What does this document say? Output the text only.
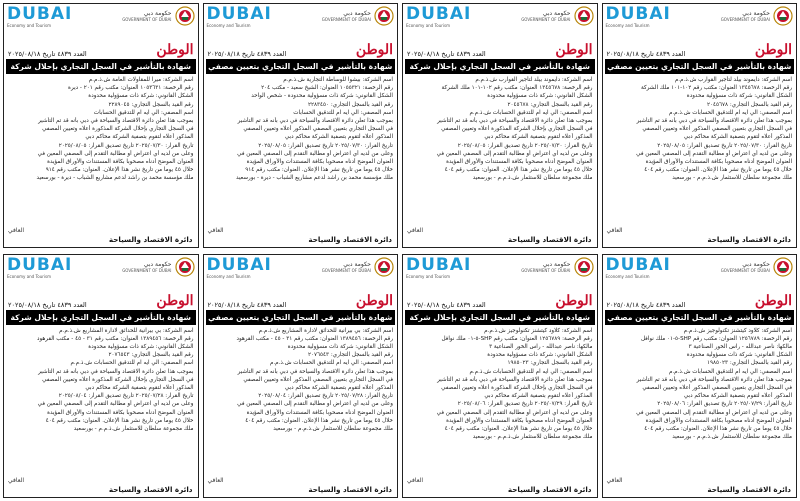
حكومة دبي
GOVERNMENT OF DUBAI
DUBAI
Economy and Tourism
الوطن
العدد ٤٨٣٩ تاريخ ٢٠٢٥/٠٨/١٨
شهادة بالتأشير في السجل التجاري بإحلال شركة

اسم الشركة: ميرا للمقاولات العامة ش.ذ.م.م

رقم الرخصة: ١٠٥٣٦٣١ العنوان: مكتب رقم ٢٠١ - ديرة

الشكل القانوني: شركة ذات مسؤولية محدودة

رقم القيد بالسجل التجاري: ٢٢٨٩٠٤٥

اسم المصفي: الي ايه ام للتدقيق الحسابات

بموجب هذا تعلن دائرة الاقتصاد والسياحة في دبي بأنه قد تم التأشير

في السجل التجاري بإحلال الشركة المذكورة أعلاه وتعيين المصفي

المذكور أعلاه لتقوم بتصفية الشركة محاكم دبي

تاريخ القرار: ٢٠٢٥/٠٧/٣٠ تاريخ تصديق القرار: ٢٠٢٥/٠٨/٠٥

وعلى من لديه أي اعتراض أو مطالبة التقدم إلى المصفي المعين في

العنوان الموضح أدناه مصحوبا بكافة المستندات والأوراق المؤيدة

خلال ٤٥ يوما من تاريخ نشر هذا الإعلان. العنوان: مكتب رقم ٩١٤

ملك مؤسسة محمد بن راشد لدعم مشاريع الشباب - ديرة - بورسعيد

العافي
دائرة الاقتصاد والسياحة
حكومة دبي
GOVERNMENT OF DUBAI
DUBAI
Economy and Tourism
الوطن
العدد ٤٨٣٩ تاريخ ٢٠٢٥/٠٨/١٨
شهادة بالتأشير في السجل التجاري بتعيين مصفي

اسم الشركة: بيشوا للوساطة التجارية ش.ذ.م.م

رقم الرخصة: ١٠٥٥٣٢١ العنوان: الشيخ سعيد - مكتب ٢٠٤

الشكل القانوني: شركة ذات مسؤولية محدودة - شخص الواحد

رقم القيد بالسجل التجاري: ٢٢٨٣٤٥٠

اسم المصفي: الي ايه ام للتدقيق الحسابات

بموجب هذا تعلن دائرة الاقتصاد والسياحة في دبي بأنه قد تم التأشير

في السجل التجاري بتعيين المصفي المذكور أعلاه وتعيين المصفي

المذكور أعلاه لتقوم بتصفية الشركة محاكم دبي

تاريخ القرار: ٢٠٢٥/٠٧/٣٠ تاريخ تصديق القرار: ٢٠٢٥/٠٨/٠٥

وعلى من لديه أي اعتراض أو مطالبة التقدم إلى المصفي المعين في

العنوان الموضح أدناه مصحوبا بكافة المستندات والأوراق المؤيدة

خلال ٤٥ يوما من تاريخ نشر هذا الإعلان. العنوان: مكتب رقم ٩١٤

ملك مؤسسة محمد بن راشد لدعم مشاريع الشباب - ديرة - بورسعيد

العافي
دائرة الاقتصاد والسياحة
حكومة دبي
GOVERNMENT OF DUBAI
DUBAI
Economy and Tourism
الوطن
العدد ٤٨٣٩ تاريخ ٢٠٢٥/٠٨/١٨
شهادة بالتأشير في السجل التجاري بإحلال شركة

اسم الشركة: دايموند بيلد لتأجير القوارب ش.ذ.م.م

رقم الرخصة: ١٣٤٥٦٧٨ العنوان: مكتب رقم ١٠٢-١٠١ ملك الشركة

الشكل القانوني: شركة ذات مسؤولية محدودة

رقم القيد بالسجل التجاري: ٢٠٤٥٦٧٨

اسم المصفي: الي ايه ام للتدقيق الحسابات ش.ذ.م.م

بموجب هذا تعلن دائرة الاقتصاد والسياحة في دبي بأنه قد تم التأشير

في السجل التجاري بإحلال الشركة المذكورة أعلاه وتعيين المصفي

المذكور أعلاه لتقوم بتصفية الشركة محاكم دبي

تاريخ القرار: ٢٠٢٥/٠٧/٣٠ تاريخ تصديق القرار: ٢٠٢٥/٠٨/٠٥

وعلى من لديه أي اعتراض أو مطالبة التقدم إلى المصفي المعين في

العنوان الموضح أدناه مصحوبا بكافة المستندات والأوراق المؤيدة

خلال ٤٥ يوما من تاريخ نشر هذا الإعلان. العنوان: مكتب رقم ٤٠٤

ملك مجموعة سلطان للاستثمار ش.ذ.م.م - بورسعيد

العافي
دائرة الاقتصاد والسياحة
حكومة دبي
GOVERNMENT OF DUBAI
DUBAI
Economy and Tourism
الوطن
العدد ٤٨٣٩ تاريخ ٢٠٢٥/٠٨/١٨
شهادة بالتأشير في السجل التجاري بتعيين مصفي

اسم الشركة: دايموند بيلد لتأجير القوارب ش.ذ.م.م

رقم الرخصة: ١٣٤٥٦٧٨ العنوان: مكتب رقم ١٠٢-١٠١ ملك الشركة

الشكل القانوني: شركة ذات مسؤولية محدودة

رقم القيد بالسجل التجاري: ٢٠٤٥٦٧٨

اسم المصفي: الي ايه ام للتدقيق الحسابات ش.ذ.م.م

بموجب هذا تعلن دائرة الاقتصاد والسياحة في دبي بأنه قد تم التأشير

في السجل التجاري بتعيين المصفي المذكور أعلاه وتعيين المصفي

المذكور أعلاه لتقوم بتصفية الشركة محاكم دبي

تاريخ القرار: ٢٠٢٥/٠٧/٣٠ تاريخ تصديق القرار: ٢٠٢٥/٠٨/٠٥

وعلى من لديه أي اعتراض أو مطالبة التقدم إلى المصفي المعين في

العنوان الموضح أدناه مصحوبا بكافة المستندات والأوراق المؤيدة

خلال ٤٥ يوما من تاريخ نشر هذا الإعلان. العنوان: مكتب رقم ٤٠٤

ملك مجموعة سلطان للاستثمار ش.ذ.م.م - بورسعيد

العافي
دائرة الاقتصاد والسياحة
حكومة دبي
GOVERNMENT OF DUBAI
DUBAI
Economy and Tourism
الوطن
العدد ٤٨٣٩ تاريخ ٢٠٢٥/٠٨/١٨
شهادة بالتأشير في السجل التجاري بإحلال شركة

اسم الشركة: بي بيرانية للحدائق لادارة المشاريع ش.ذ.م.م

رقم الرخصة: ١٣٨٩٤٥٦ العنوان: مكتب رقم ٣١ - ٤٥ - مكتب القرهود

الشكل القانوني: شركة ذات مسؤولية محدودة

رقم القيد بالسجل التجاري: ٢٠٧٦٥٤٣

اسم المصفي: الي ايه ام للتدقيق الحسابات ش.ذ.م.م

بموجب هذا تعلن دائرة الاقتصاد والسياحة في دبي بأنه قد تم التأشير

في السجل التجاري بإحلال الشركة المذكورة أعلاه وتعيين المصفي

المذكور أعلاه لتقوم بتصفية الشركة محاكم دبي

تاريخ القرار: ٢٠٢٥/٠٧/٢٨ تاريخ تصديق القرار: ٢٠٢٥/٠٨/٠٤

وعلى من لديه أي اعتراض أو مطالبة التقدم إلى المصفي المعين في

العنوان الموضح أدناه مصحوبا بكافة المستندات والأوراق المؤيدة

خلال ٤٥ يوما من تاريخ نشر هذا الإعلان. العنوان: مكتب رقم ٤٠٤

ملك مجموعة سلطان للاستثمار ش.ذ.م.م - بورسعيد

العافي
دائرة الاقتصاد والسياحة
حكومة دبي
GOVERNMENT OF DUBAI
DUBAI
Economy and Tourism
الوطن
العدد ٤٨٣٩ تاريخ ٢٠٢٥/٠٨/١٨
شهادة بالتأشير في السجل التجاري بتعيين مصفي

اسم الشركة: بي بيرانية للحدائق لادارة المشاريع ش.ذ.م.م

رقم الرخصة: ١٣٨٩٤٥٦ العنوان: مكتب رقم ٣١ - ٤٥ - مكتب القرهود

الشكل القانوني: شركة ذات مسؤولية محدودة

رقم القيد بالسجل التجاري: ٢٠٧٦٥٤٣

اسم المصفي: الي ايه ام للتدقيق الحسابات ش.ذ.م.م

بموجب هذا تعلن دائرة الاقتصاد والسياحة في دبي بأنه قد تم التأشير

في السجل التجاري بتعيين المصفي المذكور أعلاه وتعيين المصفي

المذكور أعلاه لتقوم بتصفية الشركة محاكم دبي

تاريخ القرار: ٢٠٢٥/٠٧/٢٨ تاريخ تصديق القرار: ٢٠٢٥/٠٨/٠٤

وعلى من لديه أي اعتراض أو مطالبة التقدم إلى المصفي المعين في

العنوان الموضح أدناه مصحوبا بكافة المستندات والأوراق المؤيدة

خلال ٤٥ يوما من تاريخ نشر هذا الإعلان. العنوان: مكتب رقم ٤٠٤

ملك مجموعة سلطان للاستثمار ش.ذ.م.م - بورسعيد

العافي
دائرة الاقتصاد والسياحة
حكومة دبي
GOVERNMENT OF DUBAI
DUBAI
Economy and Tourism
الوطن
العدد ٤٨٣٩ تاريخ ٢٠٢٥/٠٨/١٨
شهادة بالتأشير في السجل التجاري بإحلال شركة

اسم الشركة: كلاود كيتشنز تكنولوجيز ش.ذ.م.م

رقم الرخصة: ١٢٥٦٧٨٩ العنوان: مكتب رقم SHP-٥-٠١ ملك نوافل

مالكها: ناصر عبدالله - راس الخور الصناعية ٣

الشكل القانوني: شركة ذات مسؤولية محدودة

رقم القيد بالسجل التجاري: ١٩٨٥٠٢٣

اسم المصفي: الي ايه ام للتدقيق الحسابات ش.ذ.م.م

بموجب هذا تعلن دائرة الاقتصاد والسياحة في دبي بأنه قد تم التأشير

في السجل التجاري بإحلال الشركة المذكورة أعلاه وتعيين المصفي

المذكور أعلاه لتقوم بتصفية الشركة محاكم دبي

تاريخ القرار: ٢٠٢٥/٠٧/٢٩ تاريخ تصديق القرار: ٢٠٢٥/٠٨/٠٦

وعلى من لديه أي اعتراض أو مطالبة التقدم إلى المصفي المعين في

العنوان الموضح أدناه مصحوبا بكافة المستندات والأوراق المؤيدة

خلال ٤٥ يوما من تاريخ نشر هذا الإعلان. العنوان: مكتب رقم ٤٠٤

ملك مجموعة سلطان للاستثمار ش.ذ.م.م - بورسعيد

العافي
دائرة الاقتصاد والسياحة
حكومة دبي
GOVERNMENT OF DUBAI
DUBAI
Economy and Tourism
الوطن
العدد ٤٨٣٩ تاريخ ٢٠٢٥/٠٨/١٨
شهادة بالتأشير في السجل التجاري بتعيين مصفي

اسم الشركة: كلاود كيتشنز تكنولوجيز ش.ذ.م.م

رقم الرخصة: ١٢٥٦٧٨٩ العنوان: مكتب رقم SHP-٥-٠١ ملك نوافل

مالكها: ناصر عبدالله - راس الخور الصناعية ٣

الشكل القانوني: شركة ذات مسؤولية محدودة

رقم القيد بالسجل التجاري: ١٩٨٥٠٢٣

اسم المصفي: الي ايه ام للتدقيق الحسابات ش.ذ.م.م

بموجب هذا تعلن دائرة الاقتصاد والسياحة في دبي بأنه قد تم التأشير

في السجل التجاري بتعيين المصفي المذكور أعلاه وتعيين المصفي

المذكور أعلاه لتقوم بتصفية الشركة محاكم دبي

تاريخ القرار: ٢٠٢٥/٠٧/٢٩ تاريخ تصديق القرار: ٢٠٢٥/٠٨/٠٦

وعلى من لديه أي اعتراض أو مطالبة التقدم إلى المصفي المعين في

العنوان الموضح أدناه مصحوبا بكافة المستندات والأوراق المؤيدة

خلال ٤٥ يوما من تاريخ نشر هذا الإعلان. العنوان: مكتب رقم ٤٠٤

ملك مجموعة سلطان للاستثمار ش.ذ.م.م - بورسعيد

العافي
دائرة الاقتصاد والسياحة
